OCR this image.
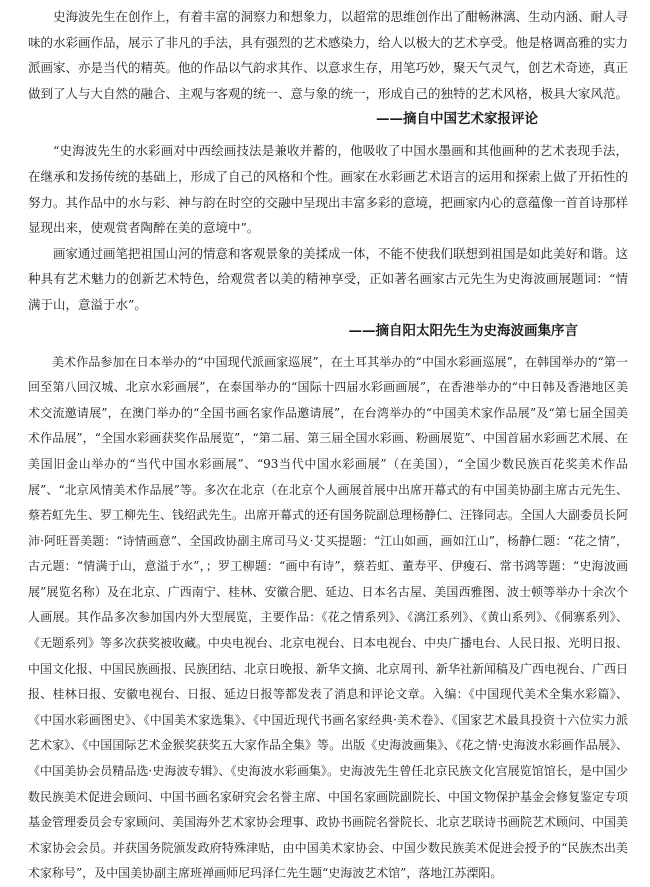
史海波先生在创作上，有着丰富的洞察力和想象力，以超常的思维创作出了酣畅淋漓、生动内涵、耐人寻味的水彩画作品，展示了非凡的手法，具有强烈的艺术感染力，给人以极大的艺术享受。他是格调高雅的实力派画家、亦是当代的精英。他的作品以气韵求其作、以意求生存，用笔巧妙，聚天气灵气，创艺术奇迹，真正做到了人与大自然的融合、主观与客观的统一、意与象的统一，形成自己的独特的艺术风格，极具大家风范。

——摘自中国艺术家报评论

“史海波先生的水彩画对中西绘画技法是兼收并蓄的，他吸收了中国水墨画和其他画种的艺术表现手法，在继承和发扬传统的基础上，形成了自己的风格和个性。画家在水彩画艺术语言的运用和探索上做了开拓性的努力。其作品中的水与彩、神与韵在时空的交融中呈现出丰富多彩的意境，把画家内心的意蕴像一首首诗那样显现出来，使观赏者陶醉在美的意境中”。

画家通过画笔把祖国山河的情意和客观景象的美揉成一体，不能不使我们联想到祖国是如此美好和谐。这种具有艺术魅力的创新艺术特色，给观赏者以美的精神享受，正如著名画家古元先生为史海波画展题词：“情满于山，意溢于水”。

——摘自阳太阳先生为史海波画集序言

美术作品参加在日本举办的“中国现代派画家巡展”，在土耳其举办的“中国水彩画巡展”，在韩国举办的“第一回至第八回汉城、北京水彩画展”，在泰国举办的“国际十四届水彩画画展”，在香港举办的“中日韩及香港地区美术交流邀请展”，在澳门举办的“全国书画名家作品邀请展”，在台湾举办的“中国美术家作品展”及“第七届全国美术作品展”，“全国水彩画获奖作品展览”，“第二届、第三届全国水彩画、粉画展览”、中国首届水彩画艺术展、在美国旧金山举办的“当代中国水彩画展”、“93当代中国水彩画展”（在美国），“全国少数民族百花奖美术作品展”、“北京风情美术作品展”等。多次在北京（在北京个人画展首展中出席开幕式的有中国美协副主席古元先生、蔡若虹先生、罗工柳先生、钱绍武先生。出席开幕式的还有国务院副总理杨静仁、汪锋同志。全国人大副委员长阿沛·阿旺晋美题：“诗情画意”、全国政协副主席司马义·艾买提题：“江山如画，画如江山”，杨静仁题：“花之情”，古元题：“情满于山，意溢于水”，；罗工柳题：“画中有诗”，蔡若虹、董寿平、伊瘦石、常书鸿等题：“史海波画展”展览名称）及在北京、广西南宁、桂林、安徽合肥、延边、日本名古屋、美国西雅图、波士顿等举办十余次个人画展。其作品多次参加国内外大型展览，主要作品：《花之情系列》、《漓江系列》、《黄山系列》、《侗寨系列》、《无题系列》等多次获奖被收藏。中央电视台、北京电视台、日本电视台、中央广播电台、人民日报、光明日报、中国文化报、中国民族画报、民族团结、北京日晚报、新华文摘、北京周刊、新华社新闻稿及广西电视台、广西日报、桂林日报、安徽电视台、日报、延边日报等都发表了消息和评论文章。入编：《中国现代美术全集水彩篇》、《中国水彩画图史》、《中国美术家选集》、《中国近现代书画名家经典·美术卷》、《国家艺术最具投资十六位实力派艺术家》、《中国国际艺术金猴奖获奖五大家作品全集》等。出版《史海波画集》、《花之情·史海波水彩画作品展》、《中国美协会员精品选·史海波专辑》、《史海波水彩画集》。史海波先生曾任北京民族文化宫展览馆馆长，是中国少数民族美术促进会顾问、中国书画名家研究会名誉主席、中国名家画院副院长、中国文物保护基金会修复鉴定专项基金管理委员会专家顾问、美国海外艺术家协会理事、政协书画院名誉院长、北京艺联诗书画院艺术顾问、中国美术家协会会员。并获国务院颁发政府特殊津贴，由中国美术家协会、中国少数民族美术促进会授予的“民族杰出美术家称号”，及中国美协副主席班禅画师尼玛泽仁先生题“史海波艺术馆”，落地江苏溧阳。
